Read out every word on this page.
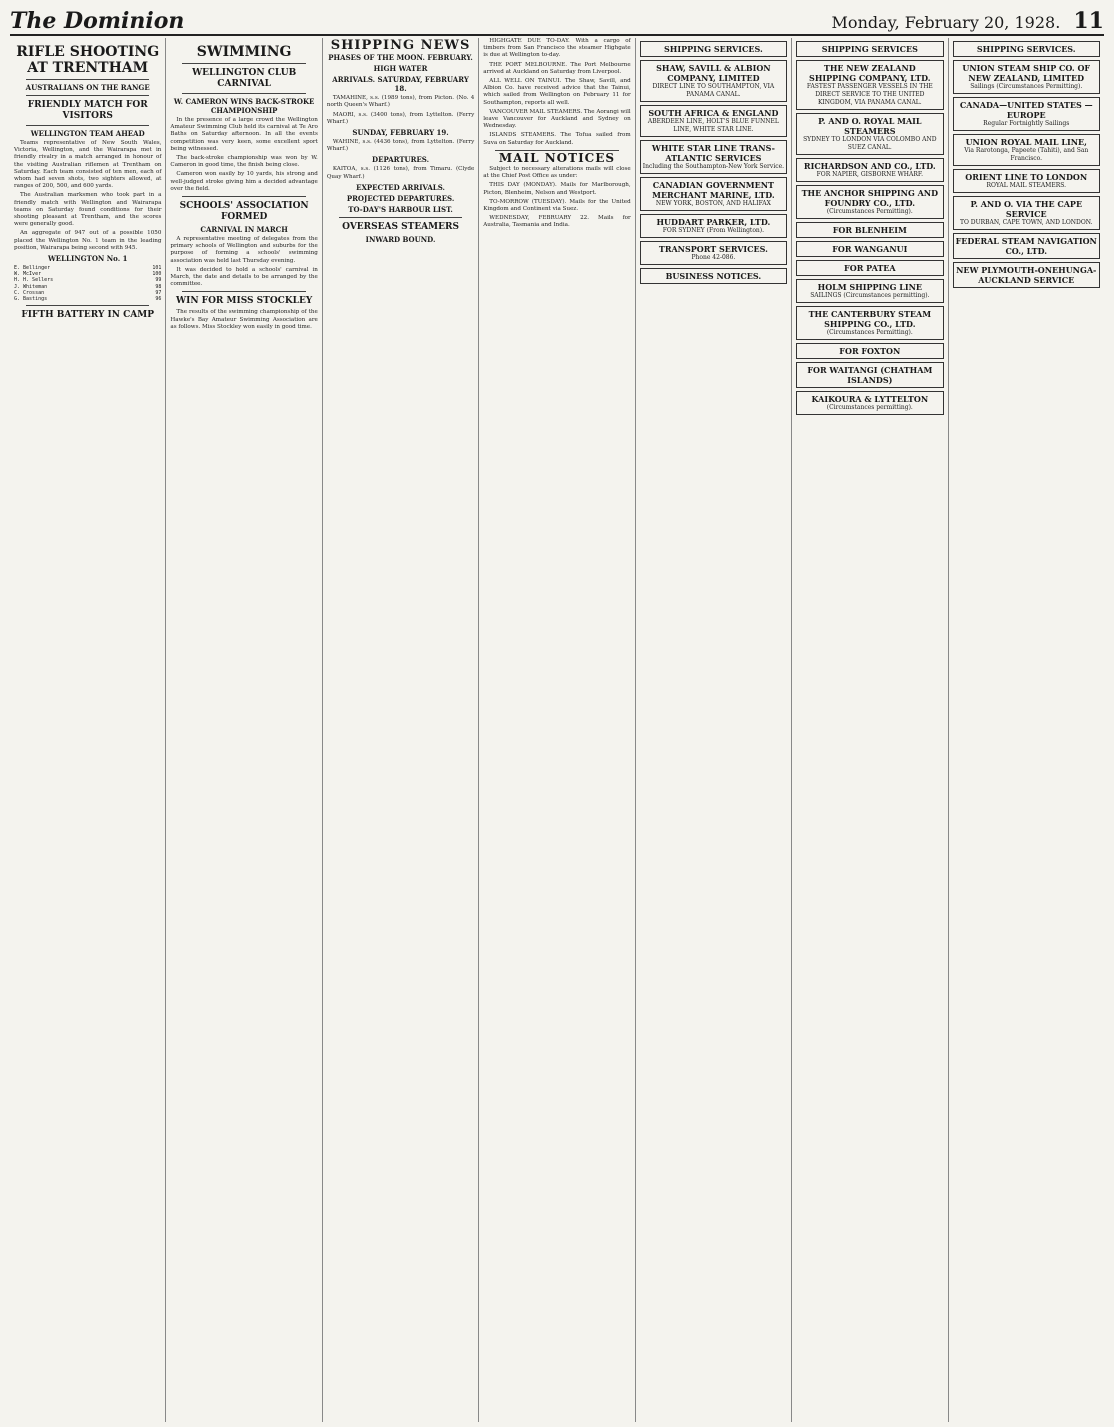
The Dominion	Monday, February 20, 1928. 11
RIFLE SHOOTING AT TRENTHAM
AUSTRALIANS ON THE RANGE
FRIENDLY MATCH FOR VISITORS
WELLINGTON TEAM AHEAD

Teams representative of New South Wales, Victoria, Wellington, and the Wairarapa met in friendly rivalry in a match arranged in honour of the visiting Australian riflemen at Trentham on Saturday. Each team consisted of ten men, each of whom had seven shots, two sighters allowed, at ranges of 200, 500, and 600 yards.

The Australian marksmen who took part in a friendly match with Wellington and Wairarapa teams on Saturday found conditions for their shooting pleasant at Trentham, and the scores were generally good.

An aggregate of 947 out of a possible 1050 placed the Wellington No. 1 team in the leading position, Wairarapa being second with 945.

WELLINGTON No. 1
E. Bellinger	101
W. McIver	100
H. H. Sellers	99
J. Whiteman	98
C. Crossan	97
G. Bastings	96
FIFTH BATTERY IN CAMP
SWIMMING
WELLINGTON CLUB CARNIVAL
W. CAMERON WINS BACK-STROKE CHAMPIONSHIP

In the presence of a large crowd the Wellington Amateur Swimming Club held its carnival at Te Aro Baths on Saturday afternoon. In all the events competition was very keen, some excellent sport being witnessed.

The back-stroke championship was won by W. Cameron in good time, the finish being close.

Cameron won easily by 10 yards, his strong and well-judged stroke giving him a decided advantage over the field.

SCHOOLS' ASSOCIATION FORMED
CARNIVAL IN MARCH

A representative meeting of delegates from the primary schools of Wellington and suburbs for the purpose of forming a schools' swimming association was held last Thursday evening.

It was decided to hold a schools' carnival in March, the date and details to be arranged by the committee.

WIN FOR MISS STOCKLEY

The results of the swimming championship of the Hawke's Bay Amateur Swimming Association are as follows. Miss Stockley won easily in good time.

SHIPPING NEWS
PHASES OF THE MOON. FEBRUARY.
HIGH WATER
ARRIVALS. SATURDAY, FEBRUARY 18.

TAMAHINE, s.s. (1989 tons), from Picton. (No. 4 north Queen's Wharf.)

MAORI, s.s. (3400 tons), from Lyttelton. (Ferry Wharf.)

SUNDAY, FEBRUARY 19.

WAHINE, s.s. (4436 tons), from Lyttelton. (Ferry Wharf.)

DEPARTURES.

KAITOA, s.s. (1126 tons), from Timaru. (Clyde Quay Wharf.)

EXPECTED ARRIVALS.
PROJECTED DEPARTURES.
TO-DAY'S HARBOUR LIST.
OVERSEAS STEAMERS
INWARD BOUND.

HIGHGATE DUE TO-DAY. With a cargo of timbers from San Francisco the steamer Highgate is due at Wellington to-day.

THE PORT MELBOURNE. The Port Melbourne arrived at Auckland on Saturday from Liverpool.

ALL WELL ON TAINUI. The Shaw, Savill, and Albion Co. have received advice that the Tainui, which sailed from Wellington on February 11 for Southampton, reports all well.

VANCOUVER MAIL STEAMERS. The Aorangi will leave Vancouver for Auckland and Sydney on Wednesday.

ISLANDS STEAMERS. The Tofua sailed from Suva on Saturday for Auckland.

MAIL NOTICES

Subject to necessary alterations mails will close at the Chief Post Office as under:

THIS DAY (MONDAY). Mails for Marlborough, Picton, Blenheim, Nelson and Westport.

TO-MORROW (TUESDAY). Mails for the United Kingdom and Continent via Suez.

WEDNESDAY, FEBRUARY 22. Mails for Australia, Tasmania and India.

SHIPPING SERVICES.
SHAW, SAVILL & ALBION COMPANY, LIMITED
DIRECT LINE TO SOUTHAMPTON, VIA PANAMA CANAL.
SOUTH AFRICA & ENGLAND
ABERDEEN LINE, HOLT'S BLUE FUNNEL LINE, WHITE STAR LINE.
WHITE STAR LINE TRANS-ATLANTIC SERVICES
Including the Southampton-New York Service.
CANADIAN GOVERNMENT MERCHANT MARINE, LTD.
NEW YORK, BOSTON, AND HALIFAX
HUDDART PARKER, LTD.
FOR SYDNEY (From Wellington).
TRANSPORT SERVICES.
Phone 42-086.
BUSINESS NOTICES.
SHIPPING SERVICES
THE NEW ZEALAND SHIPPING COMPANY, LTD.
FASTEST PASSENGER VESSELS IN THE DIRECT SERVICE TO THE UNITED KINGDOM, VIA PANAMA CANAL.
P. AND O. ROYAL MAIL STEAMERS
SYDNEY TO LONDON VIA COLOMBO AND SUEZ CANAL.
RICHARDSON AND CO., LTD.
FOR NAPIER, GISBORNE WHARF.
THE ANCHOR SHIPPING AND FOUNDRY CO., LTD.
(Circumstances Permitting).
FOR BLENHEIM
FOR WANGANUI
FOR PATEA
HOLM SHIPPING LINE
SAILINGS (Circumstances permitting).
THE CANTERBURY STEAM SHIPPING CO., LTD.
(Circumstances Permitting).
FOR FOXTON
FOR WAITANGI (CHATHAM ISLANDS)
KAIKOURA & LYTTELTON
(Circumstances permitting).
SHIPPING SERVICES.
UNION STEAM SHIP CO. OF NEW ZEALAND, LIMITED
Sailings (Circumstances Permitting).
CANADA—UNITED STATES —EUROPE
Regular Fortnightly Sailings
UNION ROYAL MAIL LINE,
Via Rarotonga, Papeete (Tahiti), and San Francisco.
ORIENT LINE TO LONDON
ROYAL MAIL STEAMERS.
P. AND O. VIA THE CAPE SERVICE
TO DURBAN, CAPE TOWN, AND LONDON.
FEDERAL STEAM NAVIGATION CO., LTD.
NEW PLYMOUTH-ONEHUNGA-AUCKLAND SERVICE
